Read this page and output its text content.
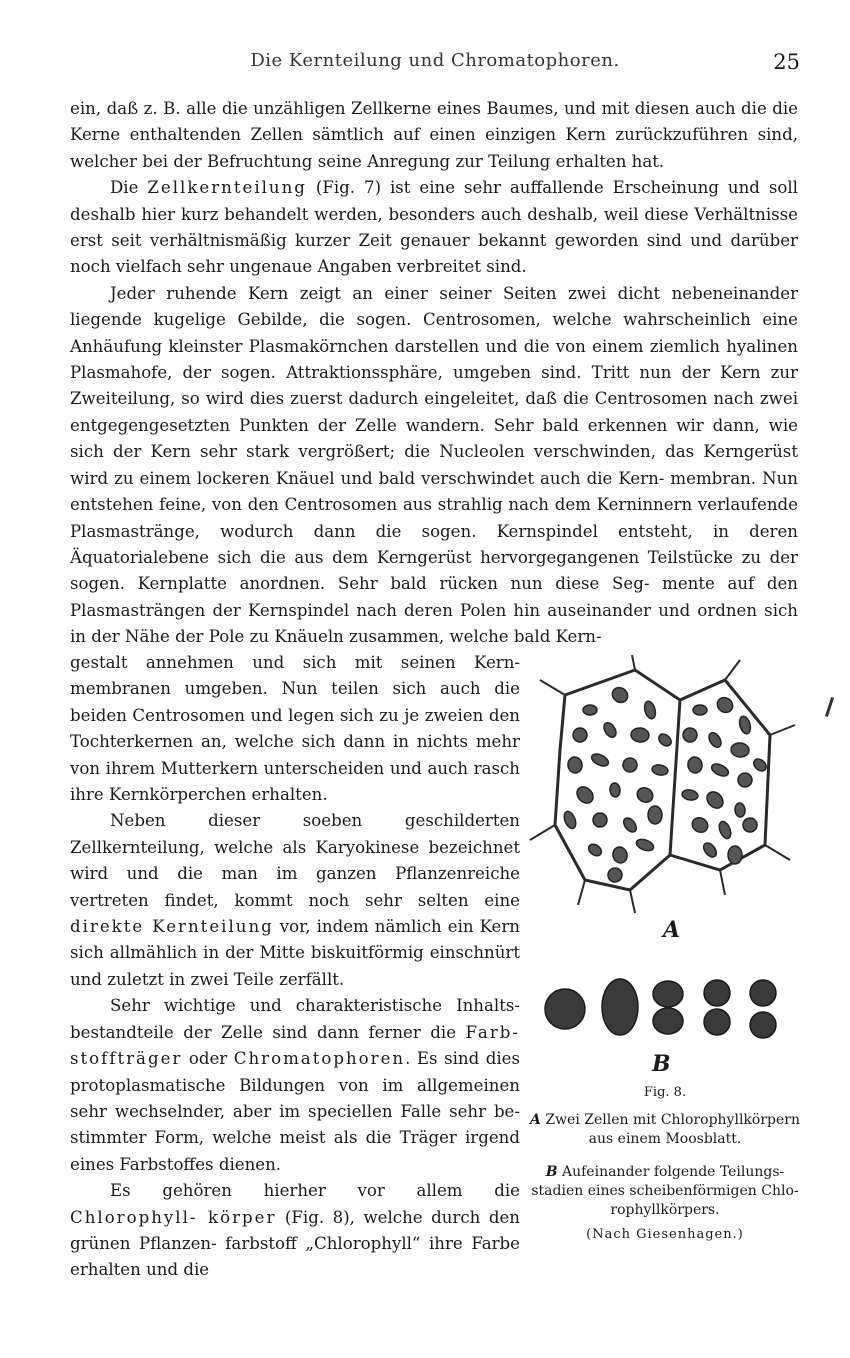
Die Kernteilung und Chromatophoren.	25

ein, daß z. B. alle die unzähligen Zellkerne eines Baumes, und mit diesen auch die die Kerne enthaltenden Zellen sämtlich auf einen einzigen Kern zurückzuführen sind, welcher bei der Befruchtung seine Anregung zur Teilung erhalten hat.

Die Zellkernteilung (Fig. 7) ist eine sehr auffallende Erscheinung und soll deshalb hier kurz behandelt werden, besonders auch deshalb, weil diese Verhältnisse erst seit verhältnismäßig kurzer Zeit genauer bekannt geworden sind und darüber noch vielfach sehr ungenaue Angaben verbreitet sind.

Jeder ruhende Kern zeigt an einer seiner Seiten zwei dicht nebeneinander liegende kugelige Gebilde, die sogen. Centrosomen, welche wahrscheinlich eine Anhäufung kleinster Plasmakörnchen darstellen und die von einem ziemlich hyalinen Plasmahofe, der sogen. Attraktionssphäre, umgeben sind. Tritt nun der Kern zur Zweiteilung, so wird dies zuerst dadurch eingeleitet, daß die Centrosomen nach zwei entgegengesetzten Punkten der Zelle wandern. Sehr bald erkennen wir dann, wie sich der Kern sehr stark vergrößert; die Nucleolen verschwinden, das Kerngerüst wird zu einem lockeren Knäuel und bald verschwindet auch die Kern- membran. Nun entstehen feine, von den Centrosomen aus strahlig nach dem Kerninnern verlaufende Plasmastränge, wodurch dann die sogen. Kernspindel entsteht, in deren Äquatorialebene sich die aus dem Kerngerüst hervorgegangenen Teilstücke zu der sogen. Kernplatte anordnen. Sehr bald rücken nun diese Seg- mente auf den Plasmasträngen der Kernspindel nach deren Polen hin auseinander und ordnen sich in der Nähe der Pole zu Knäueln zusammen, welche bald Kern-

gestalt annehmen und sich mit seinen Kern- membranen umgeben. Nun teilen sich auch die beiden Centrosomen und legen sich zu je zweien den Tochterkernen an, welche sich dann in nichts mehr von ihrem Mutterkern unterscheiden und auch rasch ihre Kernkörperchen erhalten.

Neben dieser soeben geschilderten Zellkernteilung, welche als Karyokinese bezeichnet wird und die man im ganzen Pflanzenreiche vertreten findet, kommt noch sehr selten eine direkte Kernteilung vor, indem nämlich ein Kern sich allmählich in der Mitte biskuitförmig einschnürt und zuletzt in zwei Teile zerfällt.

Sehr wichtige und charakteristische Inhalts- bestandteile der Zelle sind dann ferner die Farb- stoffträger oder Chromatophoren. Es sind dies protoplasmatische Bildungen von im allgemeinen sehr wechselnder, aber im speciellen Falle sehr be- stimmter Form, welche meist als die Träger irgend eines Farbstoffes dienen.

Es gehören hierher vor allem die Chlorophyll- körper (Fig. 8), welche durch den grünen Pflanzen- farbstoff „Chlorophyll“ ihre Farbe erhalten und die

A
B
Fig. 8.
A Zwei Zellen mit Chlorophyllkörpern aus einem Moosblatt.
B Aufeinander folgende Teilungs- stadien eines scheibenförmigen Chlo- rophyllkörpers.
(Nach Giesenhagen.)
